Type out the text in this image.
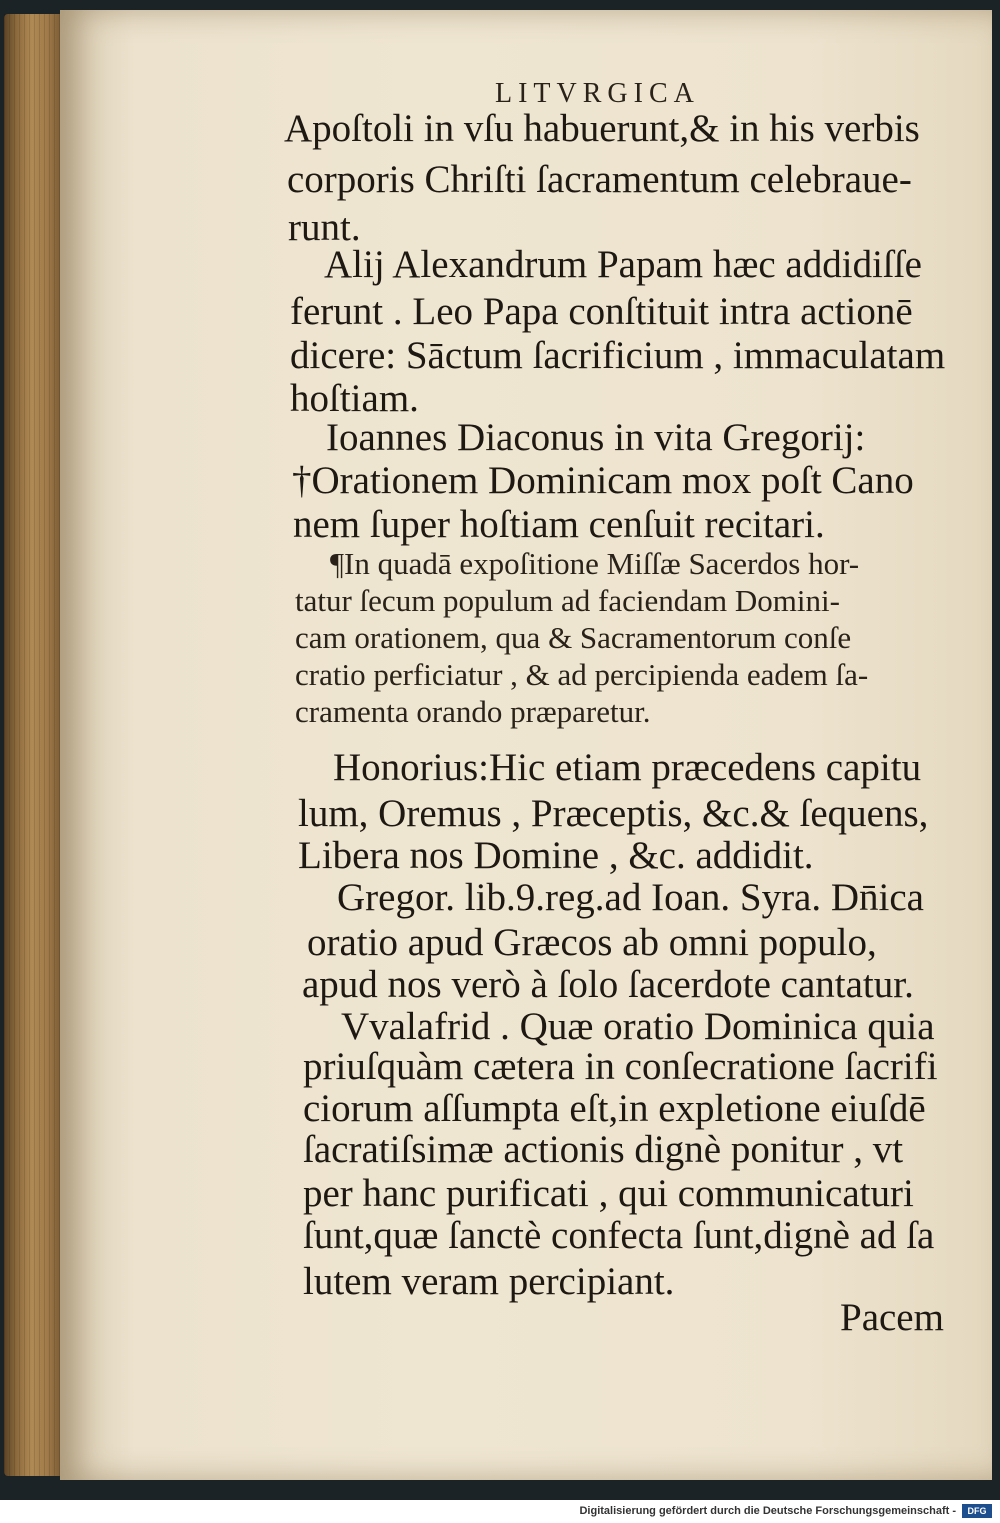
LITVRGICA
Apoſtoli in vſu habuerunt,& in his verbis
corporis Chriſti ſacramentum celebraue-
runt.
Alij Alexandrum Papam hæc addidiſſe
ferunt . Leo Papa conſtituit intra actionē
dicere: Sāctum ſacrificium , immaculatam
hoſtiam.
Ioannes Diaconus in vita Gregorij:
†Orationem Dominicam mox poſt Cano
nem ſuper hoſtiam cenſuit recitari.
¶In quadā expoſitione Miſſæ Sacerdos hor-
tatur ſecum populum ad faciendam Domini-
cam orationem, qua & Sacramentorum conſe
cratio perficiatur , & ad percipienda eadem ſa-
cramenta orando præparetur.
Honorius:Hic etiam præcedens capitu
lum, Oremus , Præceptis, &c.& ſequens,
Libera nos Domine , &c. addidit.
Gregor. lib.9.reg.ad Ioan. Syra. Dn̄ica
oratio apud Græcos ab omni populo,
apud nos verò à ſolo ſacerdote cantatur.
Vvalafrid . Quæ oratio Dominica quia
priuſquàm cætera in conſecratione ſacrifi
ciorum aſſumpta eſt,in expletione eiuſdē
ſacratiſsimæ actionis dignè ponitur , vt
per hanc purificati , qui communicaturi
ſunt,quæ ſanctè confecta ſunt,dignè ad ſa
lutem veram percipiant.
Pacem
Digitalisierung gefördert durch die Deutsche Forschungsgemeinschaft -	DFG
